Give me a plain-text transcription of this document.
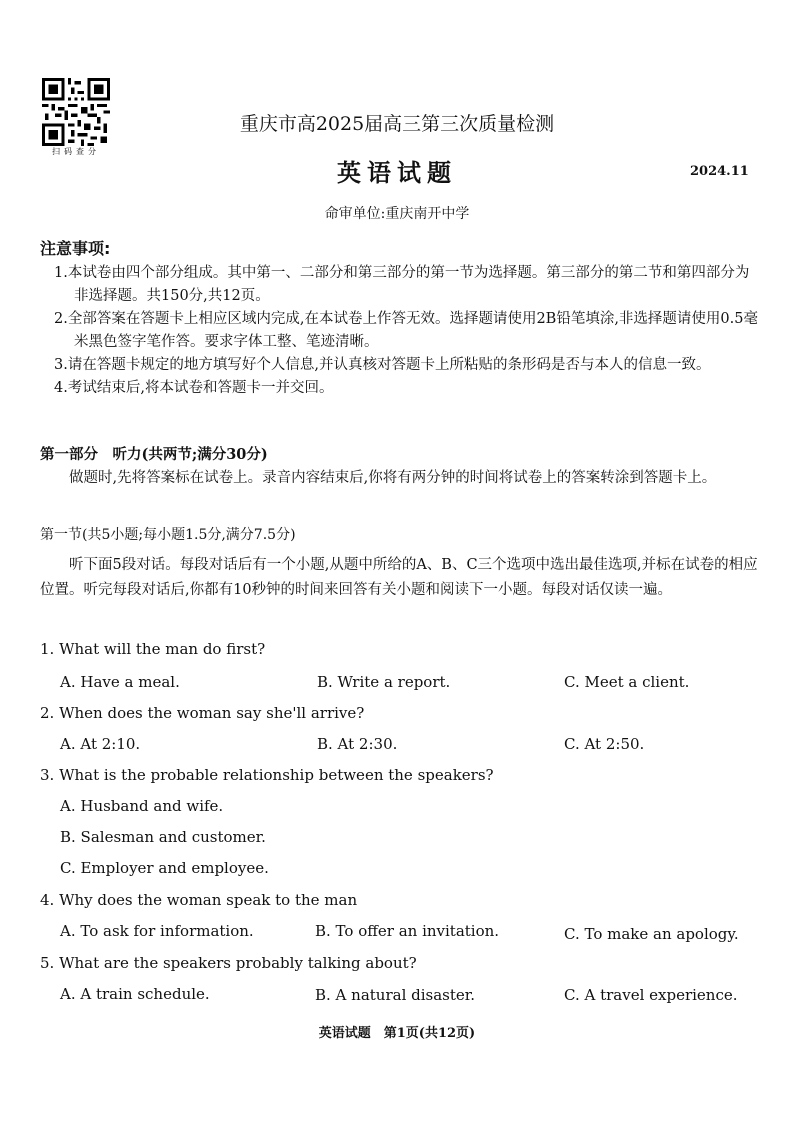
扫码查分
重庆市高2025届高三第三次质量检测
英语试题	2024.11
命审单位:重庆南开中学
注意事项:
1.本试卷由四个部分组成。其中第一、二部分和第三部分的第一节为选择题。第三部分的第二节和第四部分为非选择题。共150分,共12页。
2.全部答案在答题卡上相应区域内完成,在本试卷上作答无效。选择题请使用2B铅笔填涂,非选择题请使用0.5毫米黑色签字笔作答。要求字体工整、笔迹清晰。
3.请在答题卡规定的地方填写好个人信息,并认真核对答题卡上所粘贴的条形码是否与本人的信息一致。
4.考试结束后,将本试卷和答题卡一并交回。
第一部分　听力(共两节;满分30分)

做题时,先将答案标在试卷上。录音内容结束后,你将有两分钟的时间将试卷上的答案转涂到答题卡上。

第一节(共5小题;每小题1.5分,满分7.5分)

听下面5段对话。每段对话后有一个小题,从题中所给的A、B、C三个选项中选出最佳选项,并标在试卷的相应位置。听完每段对话后,你都有10秒钟的时间来回答有关小题和阅读下一小题。每段对话仅读一遍。

1. What will the man do first?
A. Have a meal.	B. Write a report.	C. Meet a client.
2. When does the woman say she'll arrive?
A. At 2:10.	B. At 2:30.	C. At 2:50.
3. What is the probable relationship between the speakers?
A. Husband and wife.
B. Salesman and customer.
C. Employer and employee.
4. Why does the woman speak to the man
A. To ask for information.	B. To offer an invitation.	C. To make an apology.
5. What are the speakers probably talking about?
A. A train schedule.	B. A natural disaster.	C. A travel experience.
英语试题　第1页(共12页)
